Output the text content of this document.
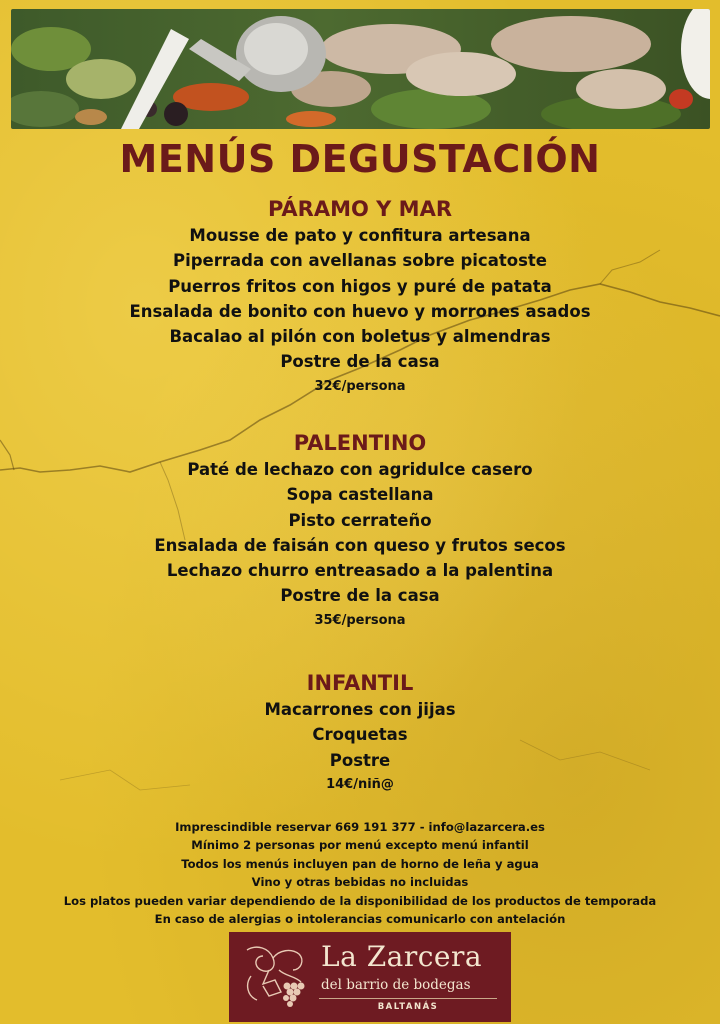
MENÚS DEGUSTACIÓN
PÁRAMO Y MAR
Mousse de pato y confitura artesana
Piperrada con avellanas sobre picatoste
Puerros fritos con higos y puré de patata
Ensalada de bonito con huevo y morrones asados
Bacalao al pilón con boletus y almendras
Postre de la casa
32€/persona
PALENTINO
Paté de lechazo con agridulce casero
Sopa castellana
Pisto cerrateño
Ensalada de faisán con queso y frutos secos
Lechazo churro entreasado a la palentina
Postre de la casa
35€/persona
INFANTIL
Macarrones con jijas
Croquetas
Postre
14€/niñ@
Imprescindible reservar 669 191 377 - info@lazarcera.es
Mínimo 2 personas por menú excepto menú infantil
Todos los menús incluyen pan de horno de leña y agua
Vino y otras bebidas no incluidas
Los platos pueden variar dependiendo de la disponibilidad de los productos de temporada
En caso de alergias o intolerancias comunicarlo con antelación
La Zarcera
del barrio de bodegas
BALTANÁS
